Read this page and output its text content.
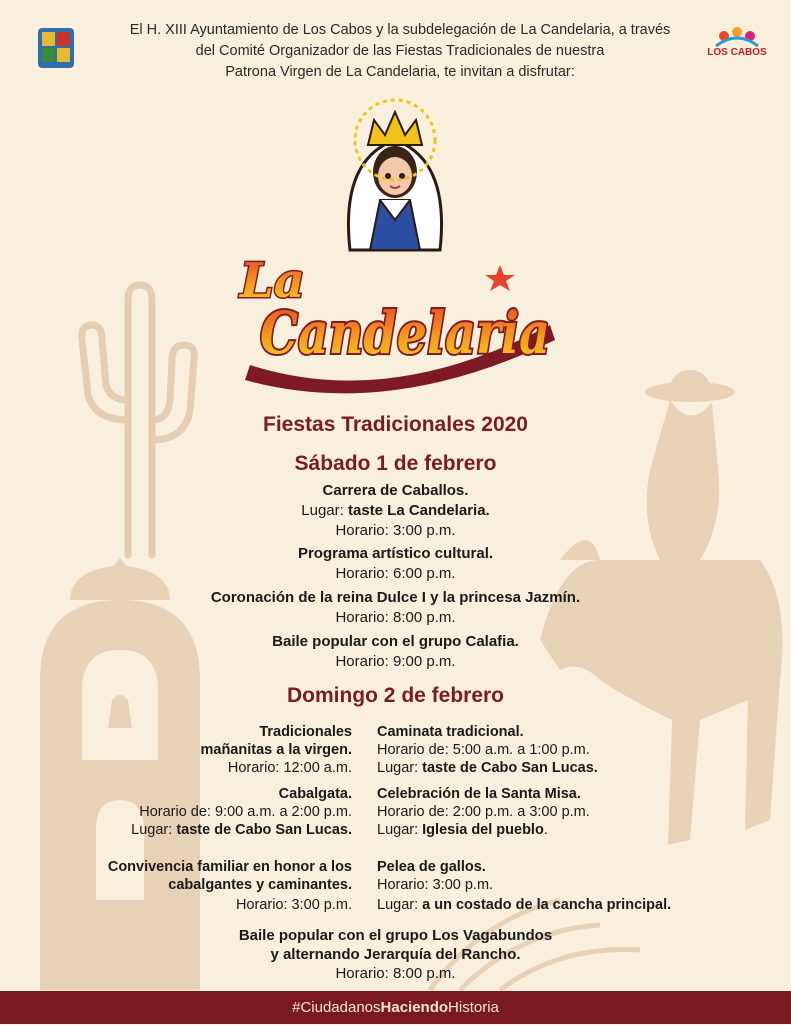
LOS CABOS
El H. XIII Ayuntamiento de Los Cabos y la subdelegación de La Candelaria, a través
del Comité Organizador de las Fiestas Tradicionales de nuestra
Patrona Virgen de La Candelaria, te invitan a disfrutar:
La
Candelaria
Fiestas Tradicionales 2020
Sábado 1 de febrero
Carrera de Caballos.
Lugar: taste La Candelaria.
Horario: 3:00 p.m.
Programa artístico cultural.
Horario: 6:00 p.m.
Coronación de la reina Dulce I y la princesa Jazmín.
Horario: 8:00 p.m.
Baile popular con el grupo Calafia.
Horario: 9:00 p.m.
Domingo 2 de febrero
Tradicionales
mañanitas a la virgen.
Horario: 12:00 a.m.
Cabalgata.
Horario de: 9:00 a.m. a 2:00 p.m.
Lugar: taste de Cabo San Lucas.
Convivencia familiar en honor a los
cabalgantes y caminantes.
Horario: 3:00 p.m.
Caminata tradicional.
Horario de: 5:00 a.m. a 1:00 p.m.
Lugar: taste de Cabo San Lucas.
Celebración de la Santa Misa.
Horario de: 2:00 p.m. a 3:00 p.m.
Lugar: Iglesia del pueblo.
Pelea de gallos.
Horario: 3:00 p.m.
Lugar: a un costado de la cancha principal.
Baile popular con el grupo Los Vagabundos
y alternando Jerarquía del Rancho.
Horario: 8:00 p.m.
#CiudadanosHaciendoHistoria
